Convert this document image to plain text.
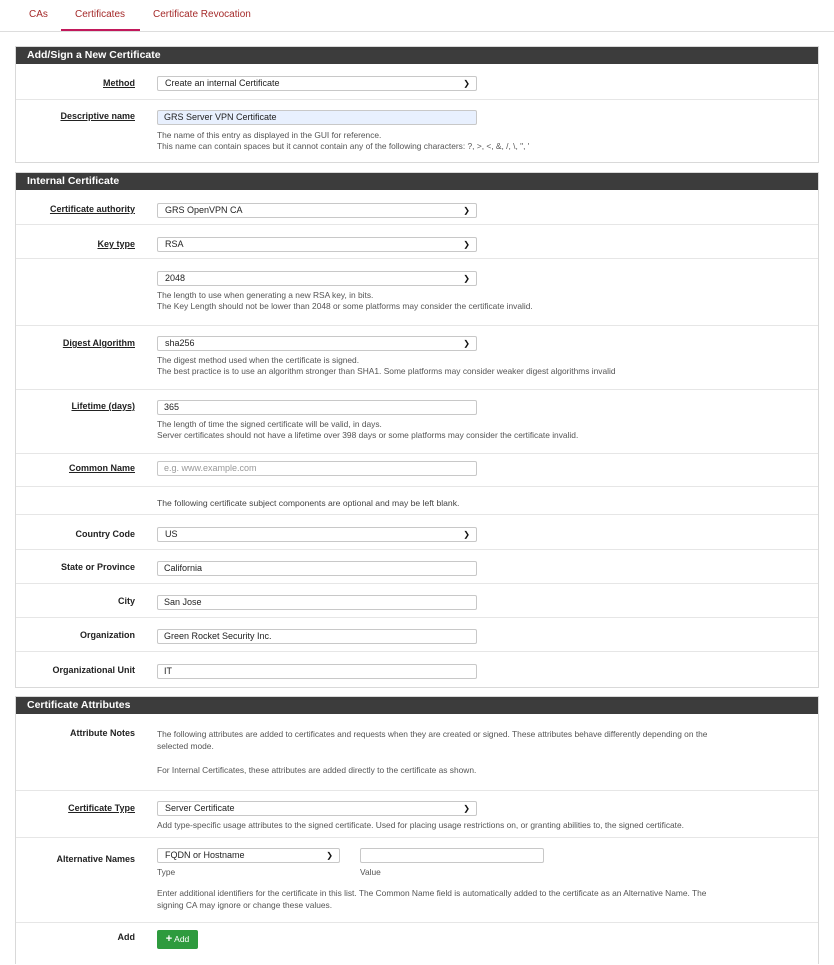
CAs	Certificates	Certificate Revocation
Add/Sign a New Certificate
Method	Create an internal Certificate	❯
Descriptive name	GRS Server VPN Certificate
The name of this entry as displayed in the GUI for reference.
This name can contain spaces but it cannot contain any of the following characters: ?, >, <, &, /, \, ", '
Internal Certificate
Certificate authority	GRS OpenVPN CA	❯
Key type	RSA	❯
2048	❯
The length to use when generating a new RSA key, in bits.
The Key Length should not be lower than 2048 or some platforms may consider the certificate invalid.
Digest Algorithm	sha256	❯
The digest method used when the certificate is signed.
The best practice is to use an algorithm stronger than SHA1. Some platforms may consider weaker digest algorithms invalid
Lifetime (days)	365
The length of time the signed certificate will be valid, in days.
Server certificates should not have a lifetime over 398 days or some platforms may consider the certificate invalid.
Common Name	e.g. www.example.com
The following certificate subject components are optional and may be left blank.
Country Code	US	❯
State or Province	California
City	San Jose
Organization	Green Rocket Security Inc.
Organizational Unit	IT
Certificate Attributes
Attribute Notes	The following attributes are added to certificates and requests when they are created or signed. These attributes behave differently depending on the
selected mode.
For Internal Certificates, these attributes are added directly to the certificate as shown.
Certificate Type	Server Certificate	❯
Add type-specific usage attributes to the signed certificate. Used for placing usage restrictions on, or granting abilities to, the signed certificate.
Alternative Names	FQDN or Hostname	❯
Type	Value
Enter additional identifiers for the certificate in this list. The Common Name field is automatically added to the certificate as an Alternative Name. The
signing CA may ignore or change these values.
Add	+ Add
